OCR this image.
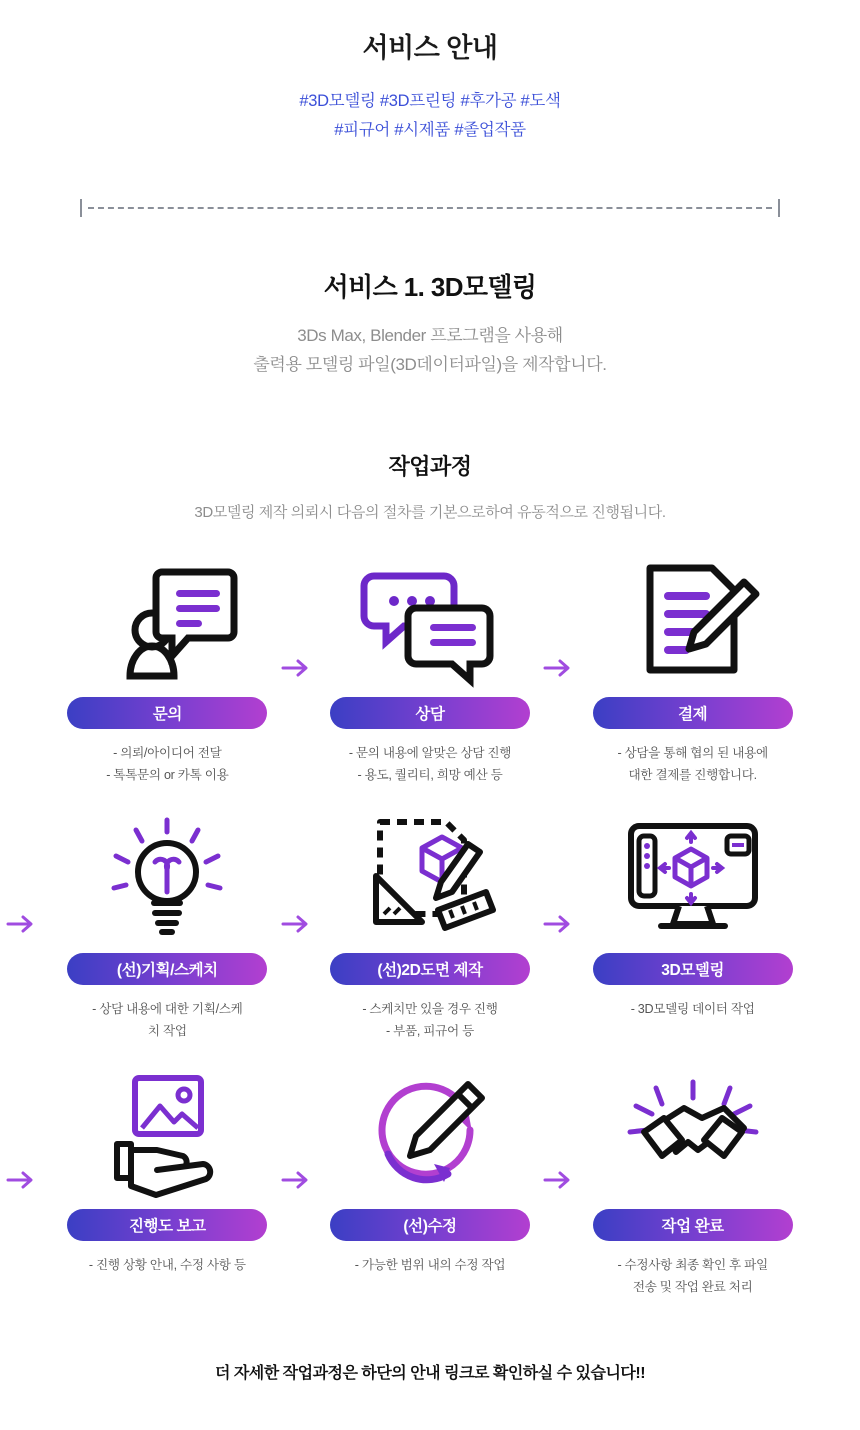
서비스 안내
#3D모델링 #3D프린팅 #후가공 #도색
#피규어 #시제품 #졸업작품
서비스 1. 3D모델링
3Ds Max, Blender 프로그램을 사용해
출력용 모델링 파일(3D데이터파일)을 제작합니다.
작업과정
3D모델링 제작 의뢰시 다음의 절차를 기본으로하여 유동적으로 진행됩니다.
문의
- 의뢰/아이디어 전달
- 톡톡문의 or 카톡 이용
상담
- 문의 내용에 알맞은 상담 진행
- 용도, 퀄리티, 희망 예산 등
결제
- 상담을 통해 협의 된 내용에
대한 결제를 진행합니다.
(선)기획/스케치
- 상담 내용에 대한 기획/스케
치 작업
(선)2D도면 제작
- 스케치만 있을 경우 진행
- 부품, 피규어 등
3D모델링
- 3D모델링 데이터 작업
진행도 보고
- 진행 상황 안내, 수정 사항 등
(선)수정
- 가능한 범위 내의 수정 작업
작업 완료
- 수정사항 최종 확인 후 파일
전송 및 작업 완료 처리
더 자세한 작업과정은 하단의 안내 링크로 확인하실 수 있습니다!!
